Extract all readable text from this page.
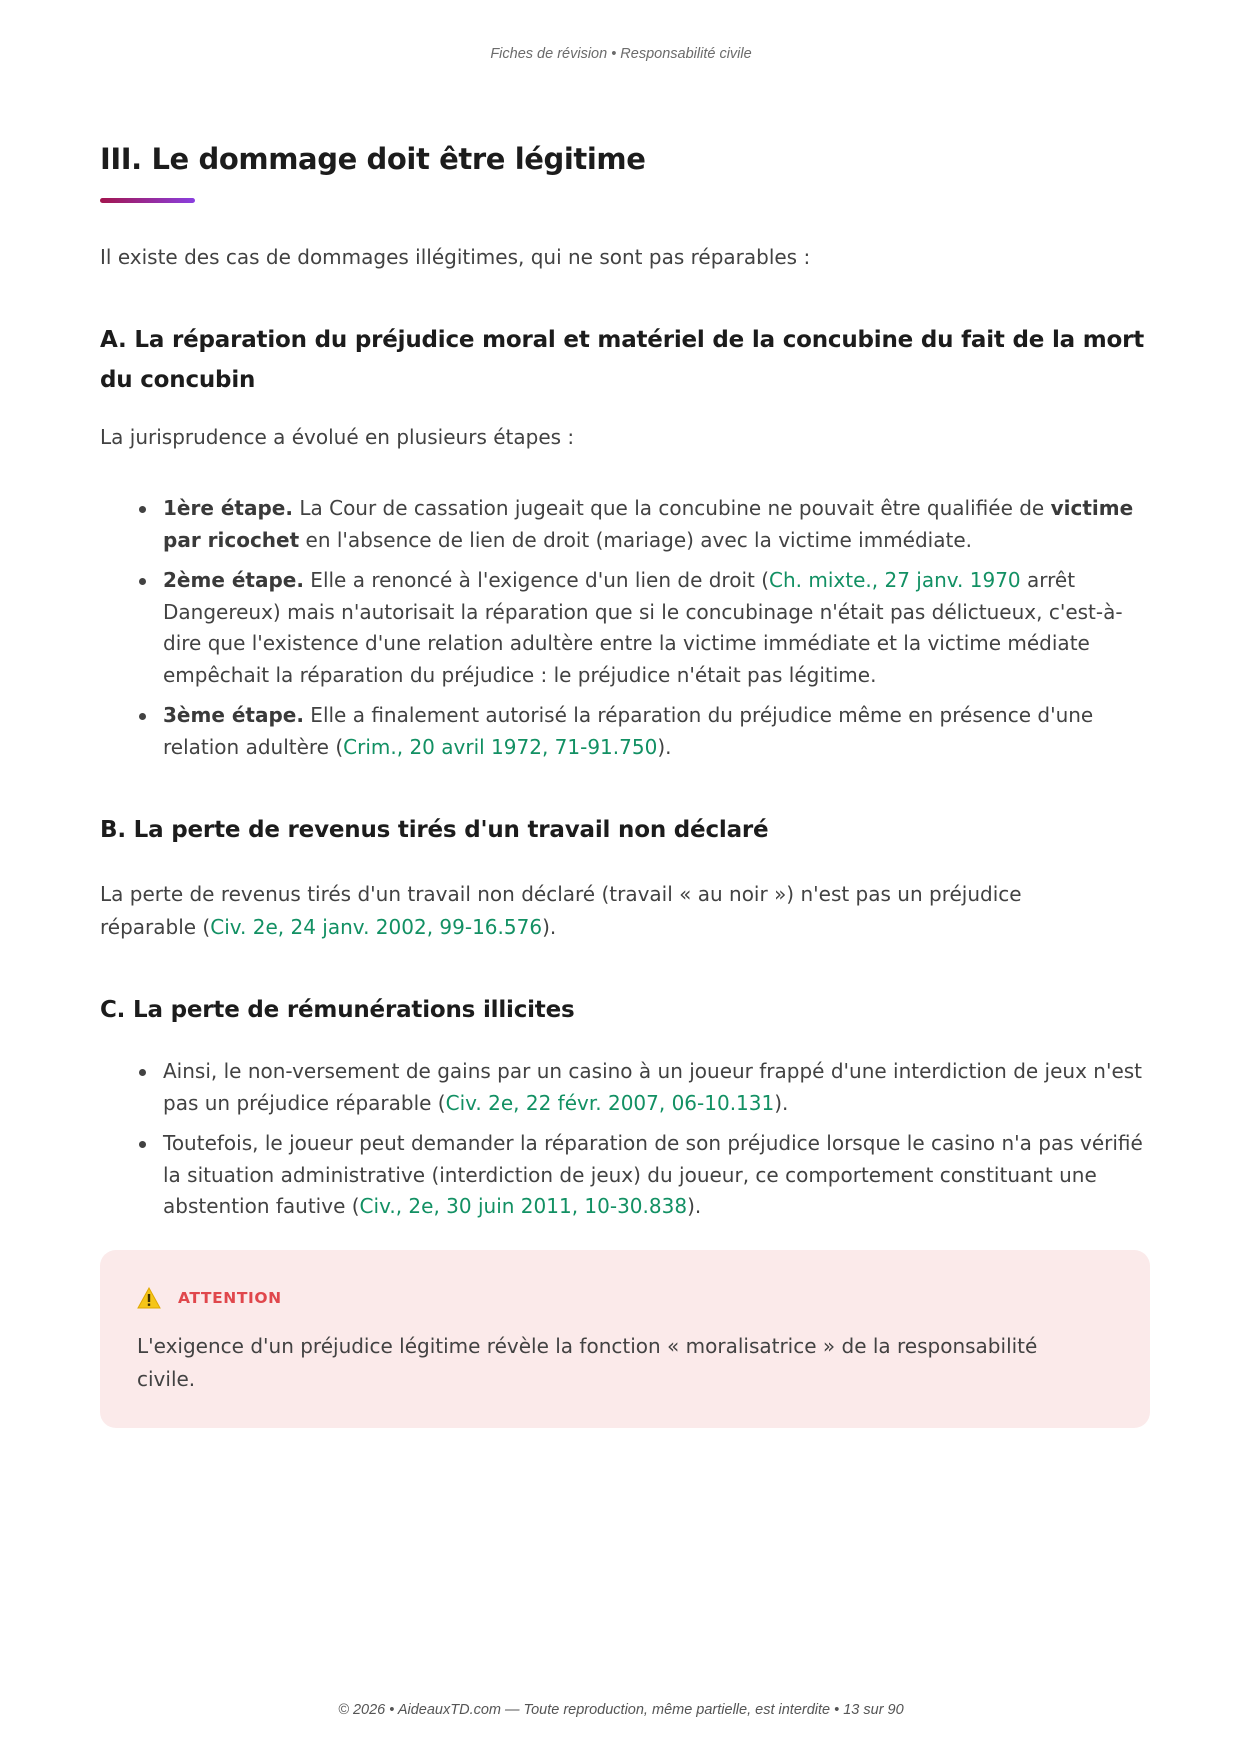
Fiches de révision • Responsabilité civile
III. Le dommage doit être légitime

Il existe des cas de dommages illégitimes, qui ne sont pas réparables :

A. La réparation du préjudice moral et matériel de la concubine du fait de la mort du concubin

La jurisprudence a évolué en plusieurs étapes :

1ère étape. La Cour de cassation jugeait que la concubine ne pouvait être qualifiée de victime par ricochet en l'absence de lien de droit (mariage) avec la victime immédiate.
2ème étape. Elle a renoncé à l'exigence d'un lien de droit (Ch. mixte., 27 janv. 1970 arrêt Dangereux) mais n'autorisait la réparation que si le concubinage n'était pas délictueux, c'est-à-dire que l'existence d'une relation adultère entre la victime immédiate et la victime médiate empêchait la réparation du préjudice : le préjudice n'était pas légitime.
3ème étape. Elle a finalement autorisé la réparation du préjudice même en présence d'une relation adultère (Crim., 20 avril 1972, 71-91.750).
B. La perte de revenus tirés d'un travail non déclaré

La perte de revenus tirés d'un travail non déclaré (travail « au noir ») n'est pas un préjudice réparable (Civ. 2e, 24 janv. 2002, 99-16.576).

C. La perte de rémunérations illicites
Ainsi, le non-versement de gains par un casino à un joueur frappé d'une interdiction de jeux n'est pas un préjudice réparable (Civ. 2e, 22 févr. 2007, 06-10.131).
Toutefois, le joueur peut demander la réparation de son préjudice lorsque le casino n'a pas vérifié la situation administrative (interdiction de jeux) du joueur, ce comportement constituant une abstention fautive (Civ., 2e, 30 juin 2011, 10-30.838).
ATTENTION

L'exigence d'un préjudice légitime révèle la fonction « moralisatrice » de la responsabilité civile.

© 2026 • AideauxTD.com — Toute reproduction, même partielle, est interdite • 13 sur 90
